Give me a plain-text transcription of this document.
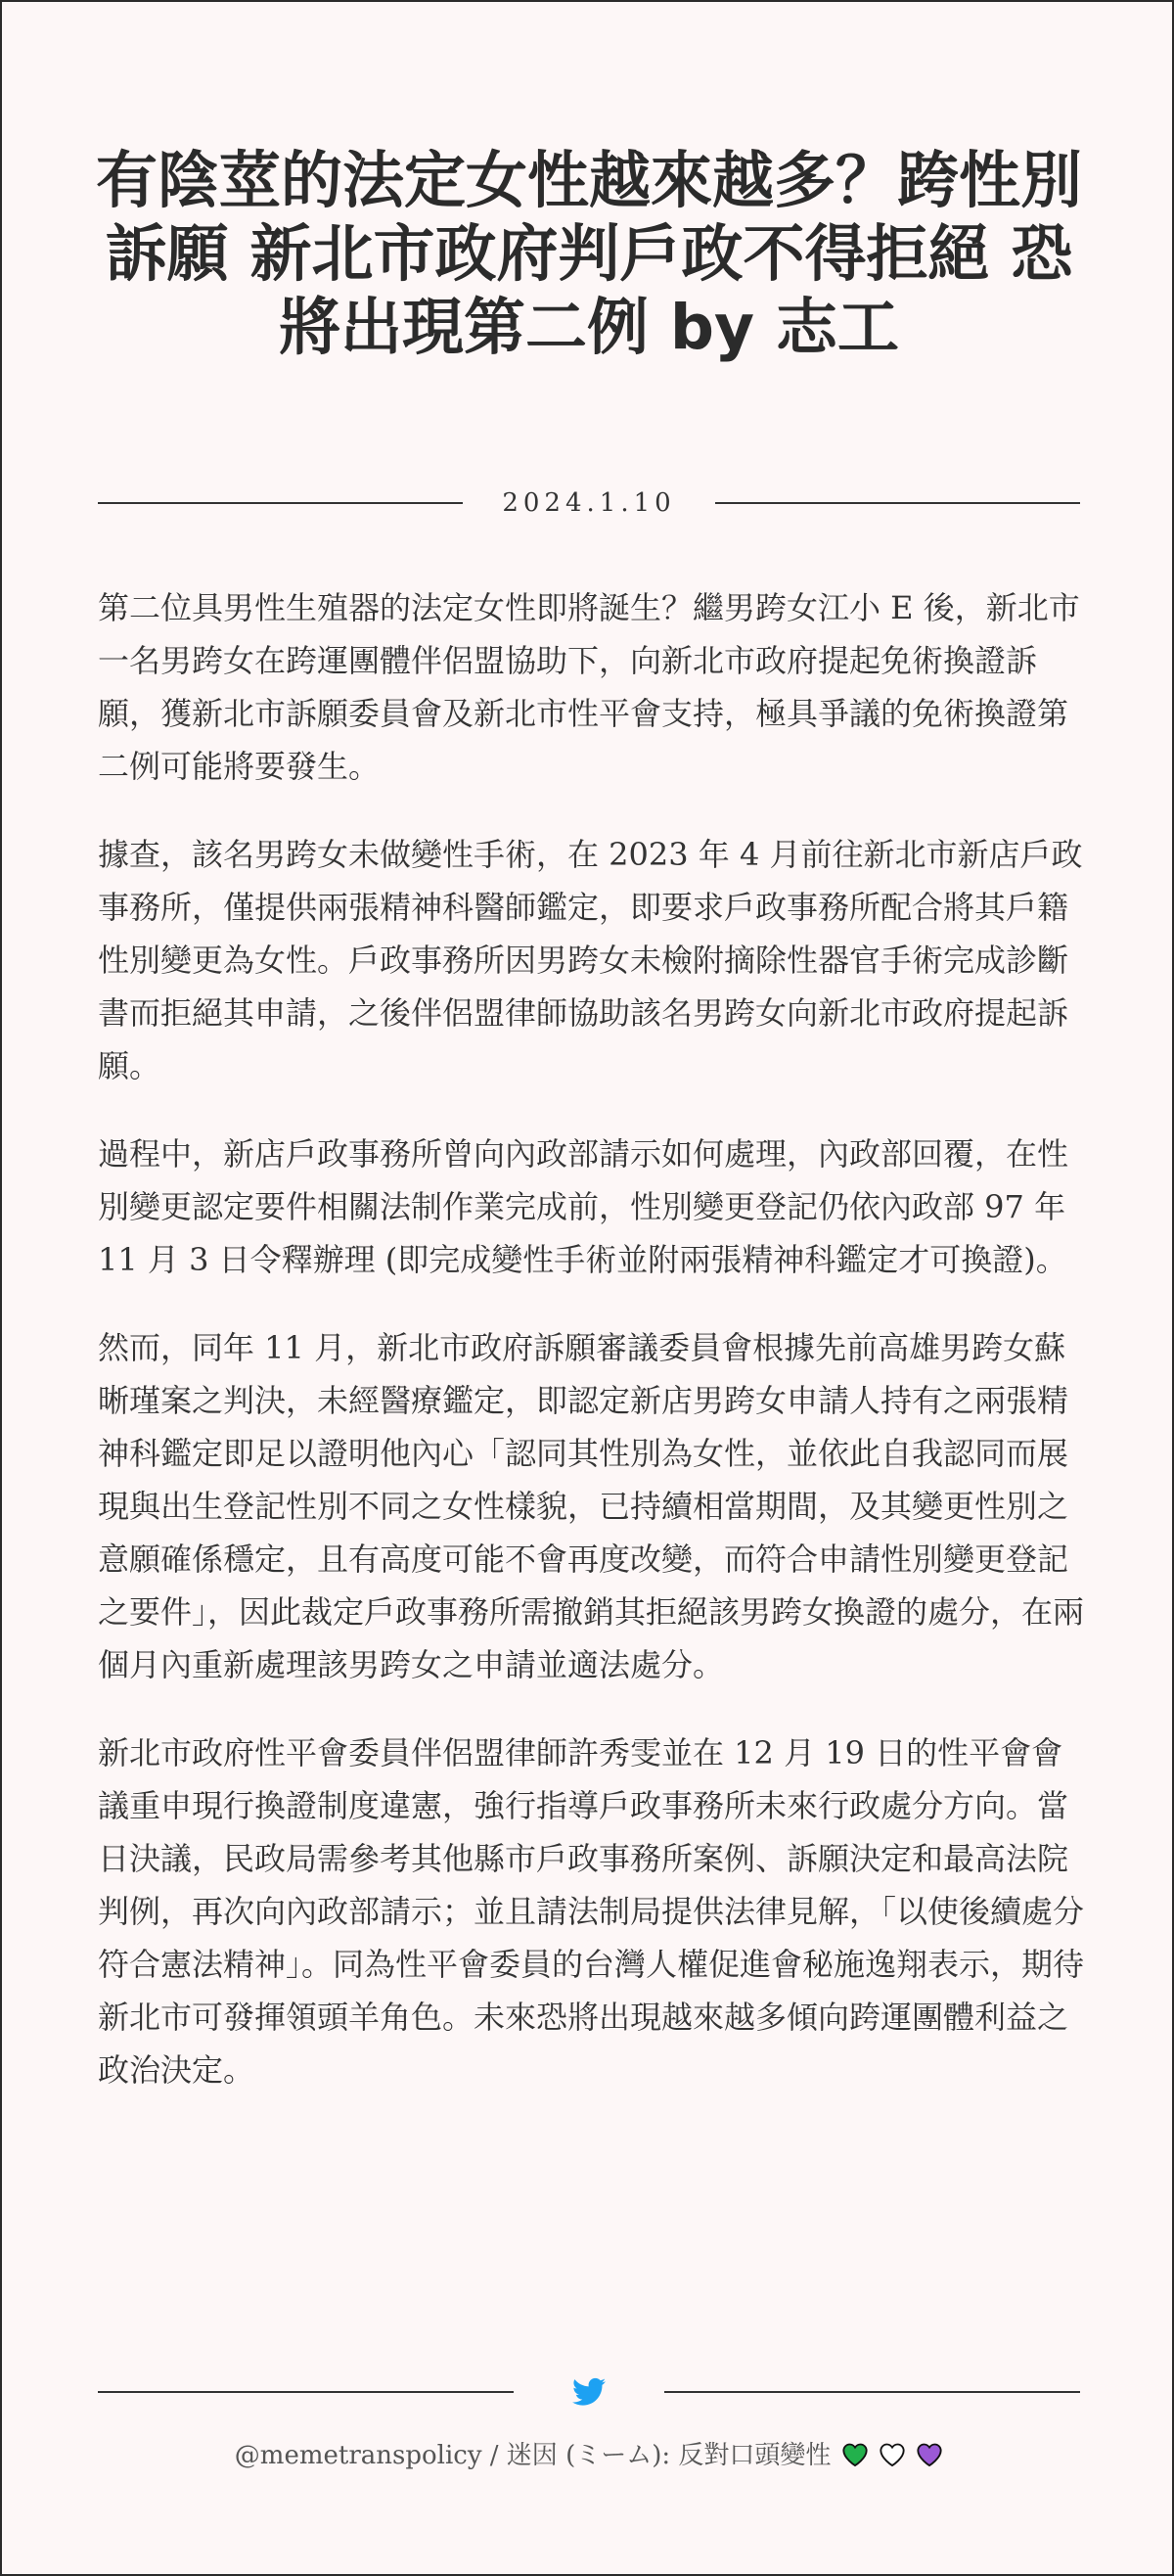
有陰莖的法定女性越來越多？跨性別訴願 新北市政府判戶政不得拒絕 恐將出現第二例 by 志工
2024.1.10

第二位具男性生殖器的法定女性即將誕生？繼男跨女江小 E 後，新北市一名男跨女在跨運團體伴侶盟協助下，向新北市政府提起免術換證訴願，獲新北市訴願委員會及新北市性平會支持，極具爭議的免術換證第二例可能將要發生。

據查，該名男跨女未做變性手術，在 2023 年 4 月前往新北市新店戶政事務所，僅提供兩張精神科醫師鑑定，即要求戶政事務所配合將其戶籍性別變更為女性。戶政事務所因男跨女未檢附摘除性器官手術完成診斷書而拒絕其申請，之後伴侶盟律師協助該名男跨女向新北市政府提起訴願。

過程中，新店戶政事務所曾向內政部請示如何處理，內政部回覆，在性別變更認定要件相關法制作業完成前，性別變更登記仍依內政部 97 年 11 月 3 日令釋辦理 (即完成變性手術並附兩張精神科鑑定才可換證)。

然而，同年 11 月，新北市政府訴願審議委員會根據先前高雄男跨女蘇晰瑾案之判決，未經醫療鑑定，即認定新店男跨女申請人持有之兩張精神科鑑定即足以證明他內心「認同其性別為女性，並依此自我認同而展現與出生登記性別不同之女性樣貌，已持續相當期間，及其變更性別之意願確係穩定，且有高度可能不會再度改變，而符合申請性別變更登記之要件」，因此裁定戶政事務所需撤銷其拒絕該男跨女換證的處分，在兩個月內重新處理該男跨女之申請並適法處分。

新北市政府性平會委員伴侶盟律師許秀雯並在 12 月 19 日的性平會會議重申現行換證制度違憲，強行指導戶政事務所未來行政處分方向。當日決議，民政局需參考其他縣市戶政事務所案例、訴願決定和最高法院判例，再次向內政部請示；並且請法制局提供法律見解，「以使後續處分符合憲法精神」。同為性平會委員的台灣人權促進會秘施逸翔表示，期待新北市可發揮領頭羊角色。未來恐將出現越來越多傾向跨運團體利益之政治決定。

@memetranspolicy / 迷因 (ミーム): 反對口頭變性
